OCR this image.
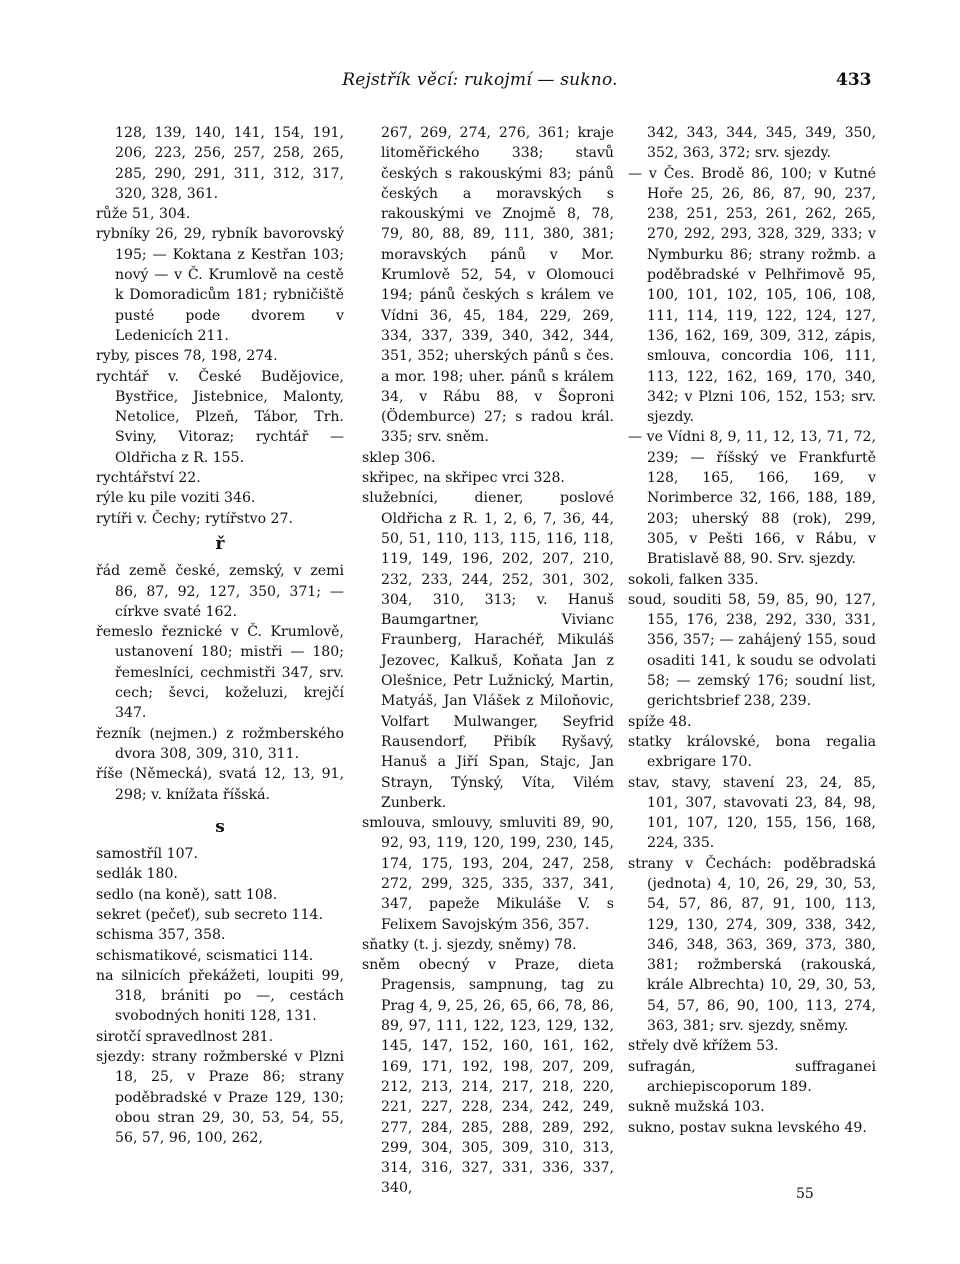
Rejstřík věcí: rukojmí — sukno.	433

128, 139, 140, 141, 154, 191, 206, 223, 256, 257, 258, 265, 285, 290, 291, 311, 312, 317, 320, 328, 361.

růže 51, 304.

rybníky 26, 29, rybník bavorovský 195; — Koktana z Kestřan 103; nový — v Č. Krumlově na cestě k Domoradicům 181; rybničiště pusté pode dvorem v Ledenicích 211.

ryby, pisces 78, 198, 274.

rychtář v. České Budějovice, Bystřice, Jistebnice, Malonty, Netolice, Plzeň, Tábor, Trh. Sviny, Vitoraz; rychtář — Oldřicha z R. 155.

rychtářství 22.

rýle ku pile voziti 346.

rytíři v. Čechy; rytířstvo 27.

ř

řád země české, zemský, v zemi 86, 87, 92, 127, 350, 371; — církve svaté 162.

řemeslo řeznické v Č. Krumlově, ustanovení 180; mistři — 180; řemeslníci, cechmistři 347, srv. cech; ševci, koželuzi, krejčí 347.

řezník (nejmen.) z rožmberského dvora 308, 309, 310, 311.

říše (Německá), svatá 12, 13, 91, 298; v. knížata říšská.

s

samostříl 107.

sedlák 180.

sedlo (na koně), satt 108.

sekret (pečeť), sub secreto 114.

schisma 357, 358.

schismatikové, scismatici 114.

na silnicích překážeti, loupiti 99, 318, brániti po —, cestách svobodných honiti 128, 131.

sirotčí spravedlnost 281.

sjezdy: strany rožmberské v Plzni 18, 25, v Praze 86; strany poděbradské v Praze 129, 130; obou stran 29, 30, 53, 54, 55, 56, 57, 96, 100, 262,

267, 269, 274, 276, 361; kraje litoměřického 338; stavů českých s rakouskými 83; pánů českých a moravských s rakouskými ve Znojmě 8, 78, 79, 80, 88, 89, 111, 380, 381; moravských pánů v Mor. Krumlově 52, 54, v Olomouci 194; pánů českých s králem ve Vídni 36, 45, 184, 229, 269, 334, 337, 339, 340, 342, 344, 351, 352; uherských pánů s čes. a mor. 198; uher. pánů s králem 34, v Rábu 88, v Šoproni (Ödemburce) 27; s radou král. 335; srv. sněm.

sklep 306.

skřipec, na skřipec vrci 328.

služebníci, diener, poslové Oldřicha z R. 1, 2, 6, 7, 36, 44, 50, 51, 110, 113, 115, 116, 118, 119, 149, 196, 202, 207, 210, 232, 233, 244, 252, 301, 302, 304, 310, 313; v. Hanuš Baumgartner, Vivianc Fraunberg, Harachéř, Mikuláš Jezovec, Kalkuš, Koňata Jan z Olešnice, Petr Lužnický, Martin, Matyáš, Jan Vlášek z Miloňovic, Volfart Mulwanger, Seyfrid Rausendorf, Přibík Ryšavý, Hanuš a Jiří Span, Stajc, Jan Strayn, Týnský, Víta, Vilém Zunberk.

smlouva, smlouvy, smluviti 89, 90, 92, 93, 119, 120, 199, 230, 145, 174, 175, 193, 204, 247, 258, 272, 299, 325, 335, 337, 341, 347, papeže Mikuláše V. s Felixem Savojským 356, 357.

sňatky (t. j. sjezdy, sněmy) 78.

sněm obecný v Praze, dieta Pragensis, sampnung, tag zu Prag 4, 9, 25, 26, 65, 66, 78, 86, 89, 97, 111, 122, 123, 129, 132, 145, 147, 152, 160, 161, 162, 169, 171, 192, 198, 207, 209, 212, 213, 214, 217, 218, 220, 221, 227, 228, 234, 242, 249, 277, 284, 285, 288, 289, 292, 299, 304, 305, 309, 310, 313, 314, 316, 327, 331, 336, 337, 340,

342, 343, 344, 345, 349, 350, 352, 363, 372; srv. sjezdy.

— v Čes. Brodě 86, 100; v Kutné Hoře 25, 26, 86, 87, 90, 237, 238, 251, 253, 261, 262, 265, 270, 292, 293, 328, 329, 333; v Nymburku 86; strany rožmb. a poděbradské v Pelhřimově 95, 100, 101, 102, 105, 106, 108, 111, 114, 119, 122, 124, 127, 136, 162, 169, 309, 312, zápis, smlouva, concordia 106, 111, 113, 122, 162, 169, 170, 340, 342; v Plzni 106, 152, 153; srv. sjezdy.

— ve Vídni 8, 9, 11, 12, 13, 71, 72, 239; — říšský ve Frankfurtě 128, 165, 166, 169, v Norimberce 32, 166, 188, 189, 203; uherský 88 (rok), 299, 305, v Pešti 166, v Rábu, v Bratislavě 88, 90. Srv. sjezdy.

sokoli, falken 335.

soud, souditi 58, 59, 85, 90, 127, 155, 176, 238, 292, 330, 331, 356, 357; — zahájený 155, soud osaditi 141, k soudu se odvolati 58; — zemský 176; soudní list, gerichtsbrief 238, 239.

spíže 48.

statky královské, bona regalia exbrigare 170.

stav, stavy, stavení 23, 24, 85, 101, 307, stavovati 23, 84, 98, 101, 107, 120, 155, 156, 168, 224, 335.

strany v Čechách: poděbradská (jednota) 4, 10, 26, 29, 30, 53, 54, 57, 86, 87, 91, 100, 113, 129, 130, 274, 309, 338, 342, 346, 348, 363, 369, 373, 380, 381; rožmberská (rakouská, krále Albrechta) 10, 29, 30, 53, 54, 57, 86, 90, 100, 113, 274, 363, 381; srv. sjezdy, sněmy.

střely dvě křížem 53.

sufragán, suffraganei archiepiscoporum 189.

sukně mužská 103.

sukno, postav sukna levského 49.

55
